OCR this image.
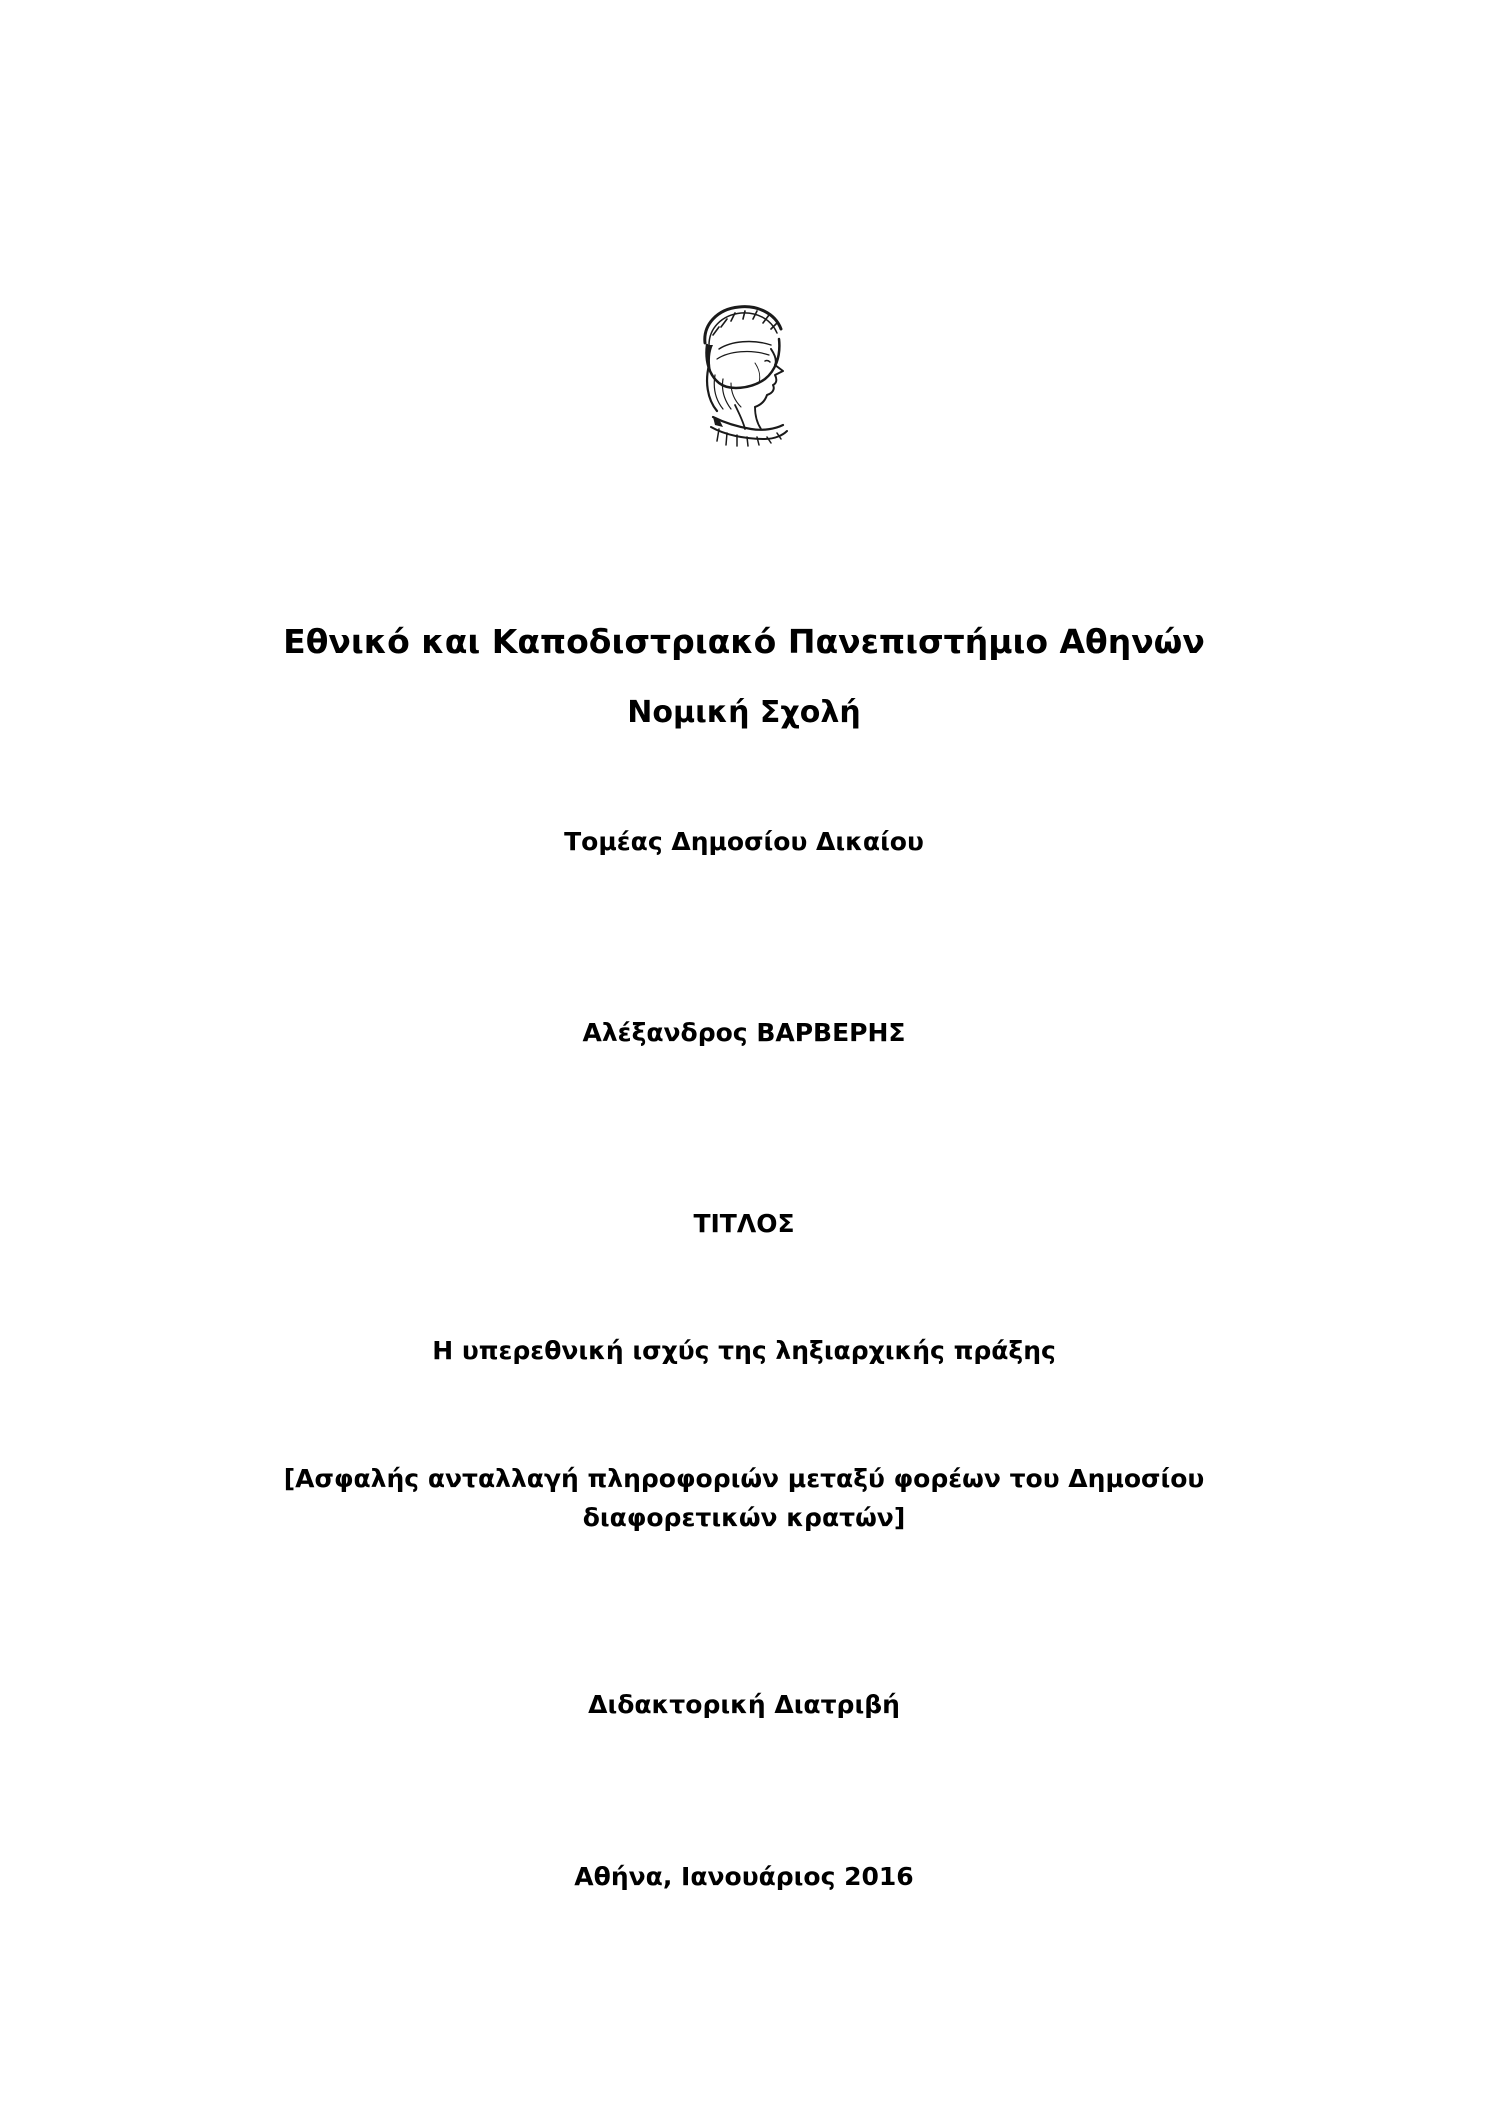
Εθνικό και Καποδιστριακό Πανεπιστήμιο Αθηνών
Νομική Σχολή
Τομέας Δημοσίου Δικαίου
Αλέξανδρος ΒΑΡΒΕΡΗΣ
ΤΙΤΛΟΣ
Η υπερεθνική ισχύς της ληξιαρχικής πράξης
[Ασφαλής ανταλλαγή πληροφοριών μεταξύ φορέων του Δημοσίου
διαφορετικών κρατών]
Διδακτορική Διατριβή
Αθήνα, Ιανουάριος 2016
